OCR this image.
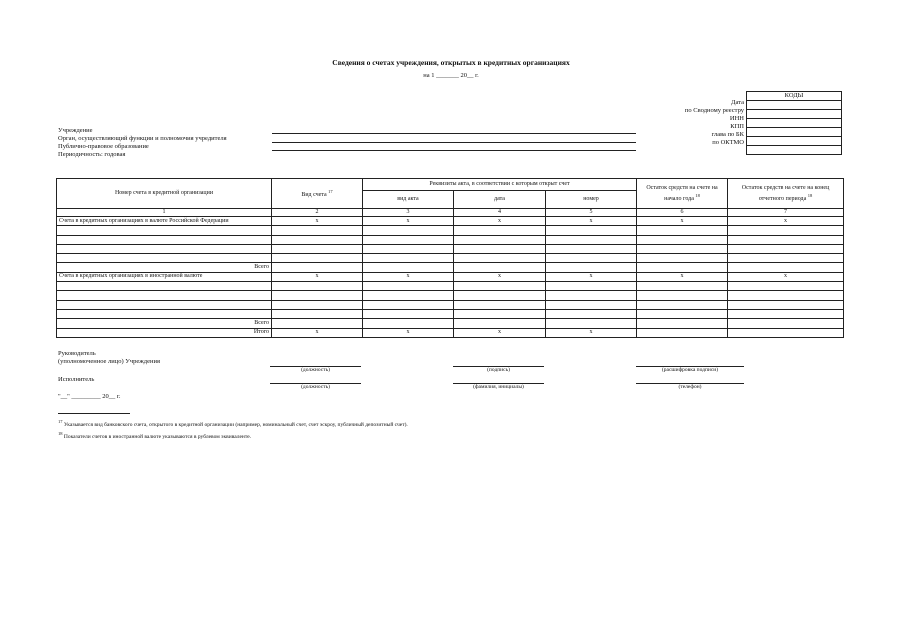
Сведения о счетах учреждения, открытых в кредитных организациях
на 1 _______ 20__ г.
Дата
по Сводному реестру
ИНН
КПП
глава по БК
по ОКТМО
КОДЫ

Учреждение
Орган, осуществляющий функции и полномочия учредителя
Публично-правовое образование
Периодичность: годовая
Номер счета в кредитной организации	Вид счета $^{17}$	Реквизиты акта, в соответствии с которым открыт счет			Остаток средств на счете на начало года $^{18}$	Остаток средств на счете на конец отчетного периода $^{18}$
		вид акта	дата	номер		
1	2	3	4	5	6	7
Счета в кредитных организациях в валюте Российской Федерации	х	х	х	х	х	х

Всего						
Счета в кредитных организациях в иностранной валюте	х	х	х	х	х	х

Всего						
Итого	х	х	х	х		
Руководитель
(уполномоченное лицо) Учреждения
(должность)	(подпись)	(расшифровка подписи)
Исполнитель
(должность)	(фамилия, инициалы)	(телефон)
"__" _________ 20__ г.
$^{17}$ Указывается вид банковского счета, открытого в кредитной организации (например, номинальный счет, счет эскроу, публичный депозитный счет).
$^{18}$ Показатели счетов в иностранной валюте указываются в рублевом эквиваленте.
